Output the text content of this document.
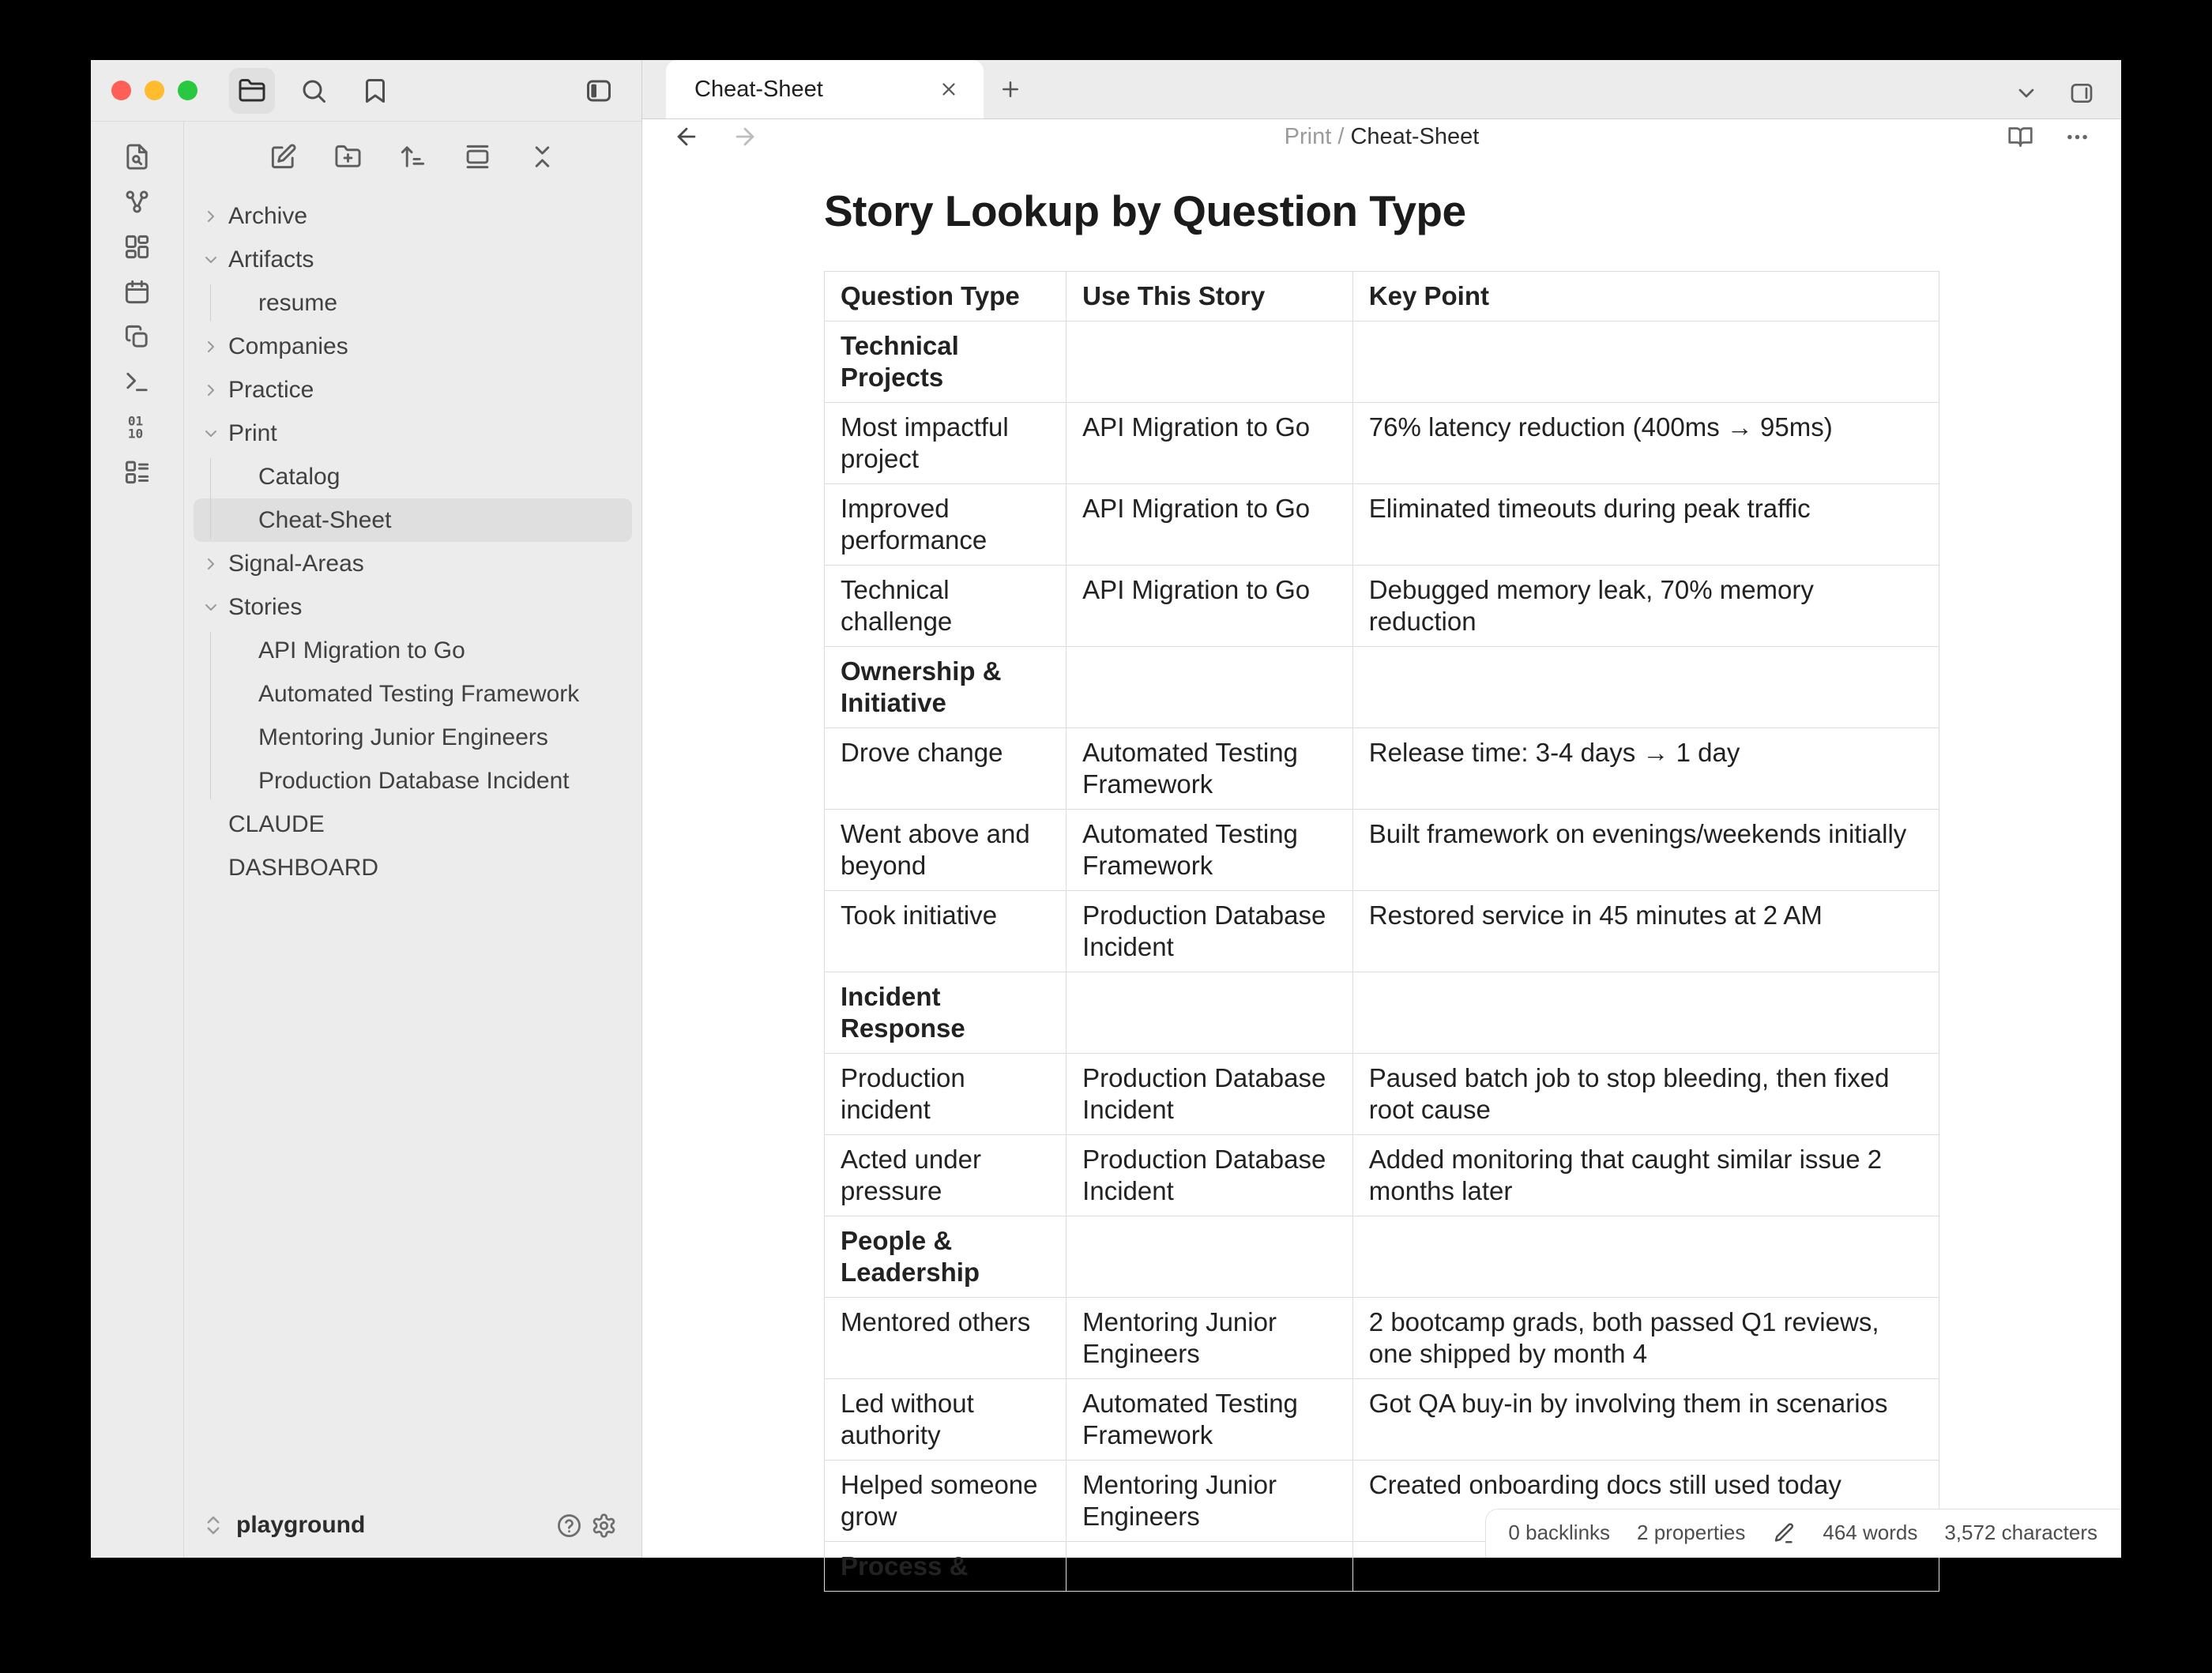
01
10
Archive
Artifacts
resume
Companies
Practice
Print
Catalog
Cheat-Sheet
Signal-Areas
Stories
API Migration to Go
Automated Testing Framework
Mentoring Junior Engineers
Production Database Incident
CLAUDE
DASHBOARD
playground
Cheat-Sheet
Print / Cheat-Sheet
Story Lookup by Question Type
Question Type	Use This Story	Key Point
Technical Projects		
Most impactful project	API Migration to Go	76% latency reduction (400ms → 95ms)
Improved performance	API Migration to Go	Eliminated timeouts during peak traffic
Technical challenge	API Migration to Go	Debugged memory leak, 70% memory reduction
Ownership & Initiative		
Drove change	Automated Testing Framework	Release time: 3-4 days → 1 day
Went above and beyond	Automated Testing Framework	Built framework on evenings/weekends initially
Took initiative	Production Database Incident	Restored service in 45 minutes at 2 AM
Incident Response		
Production incident	Production Database Incident	Paused batch job to stop bleeding, then fixed root cause
Acted under pressure	Production Database Incident	Added monitoring that caught similar issue 2 months later
People & Leadership		
Mentored others	Mentoring Junior Engineers	2 bootcamp grads, both passed Q1 reviews, one shipped by month 4
Led without authority	Automated Testing Framework	Got QA buy-in by involving them in scenarios
Helped someone grow	Mentoring Junior Engineers	Created onboarding docs still used today
Process &		
0 backlinks 2 properties	464 words 3,572 characters
